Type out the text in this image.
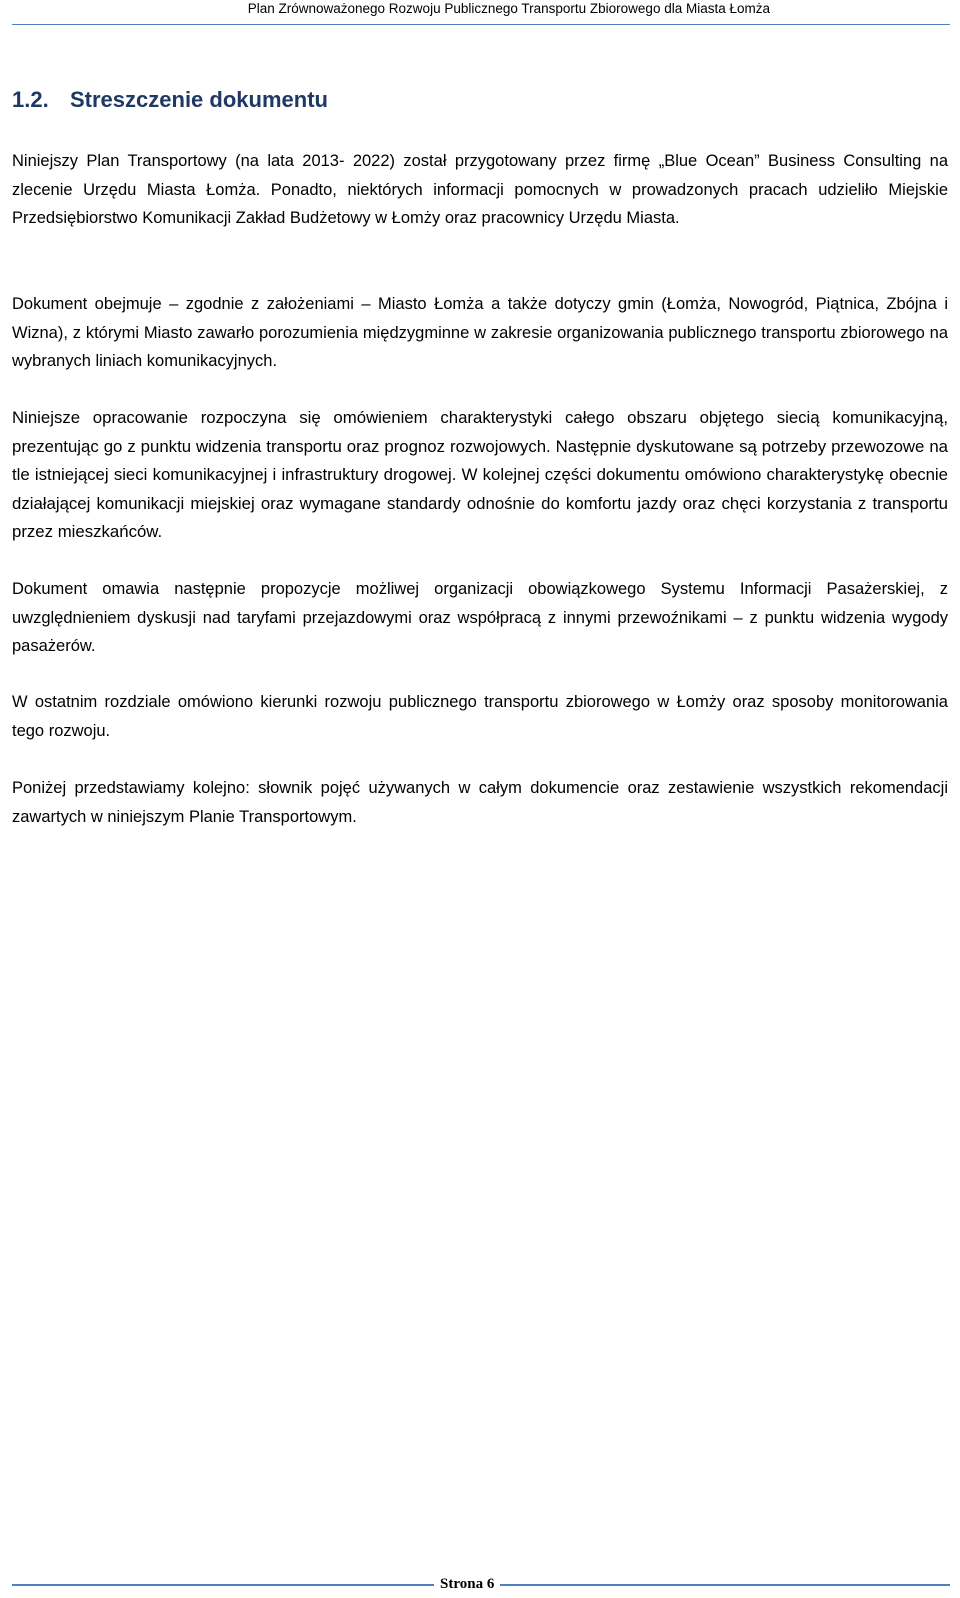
Plan Zrównoważonego Rozwoju Publicznego Transportu Zbiorowego dla Miasta Łomża
1.2. Streszczenie dokumentu

Niniejszy Plan Transportowy (na lata 2013- 2022) został przygotowany przez firmę „Blue Ocean” Business Consulting na zlecenie Urzędu Miasta Łomża. Ponadto, niektórych informacji pomocnych w prowadzonych pracach udzieliło Miejskie Przedsiębiorstwo Komunikacji Zakład Budżetowy w Łomży oraz pracownicy Urzędu Miasta.

Dokument obejmuje – zgodnie z założeniami – Miasto Łomża a także dotyczy gmin (Łomża, Nowogród, Piątnica, Zbójna i Wizna), z którymi Miasto zawarło porozumienia międzygminne w zakresie organizowania publicznego transportu zbiorowego na wybranych liniach komunikacyjnych.

Niniejsze opracowanie rozpoczyna się omówieniem charakterystyki całego obszaru objętego siecią komunikacyjną, prezentując go z punktu widzenia transportu oraz prognoz rozwojowych. Następnie dyskutowane są potrzeby przewozowe na tle istniejącej sieci komunikacyjnej i infrastruktury drogowej. W kolejnej części dokumentu omówiono charakterystykę obecnie działającej komunikacji miejskiej oraz wymagane standardy odnośnie do komfortu jazdy oraz chęci korzystania z transportu przez mieszkańców.

Dokument omawia następnie propozycje możliwej organizacji obowiązkowego Systemu Informacji Pasażerskiej, z uwzględnieniem dyskusji nad taryfami przejazdowymi oraz współpracą z innymi przewoźnikami – z punktu widzenia wygody pasażerów.

W ostatnim rozdziale omówiono kierunki rozwoju publicznego transportu zbiorowego w Łomży oraz sposoby monitorowania tego rozwoju.

Poniżej przedstawiamy kolejno: słownik pojęć używanych w całym dokumencie oraz zestawienie wszystkich rekomendacji zawartych w niniejszym Planie Transportowym.

Strona 6
